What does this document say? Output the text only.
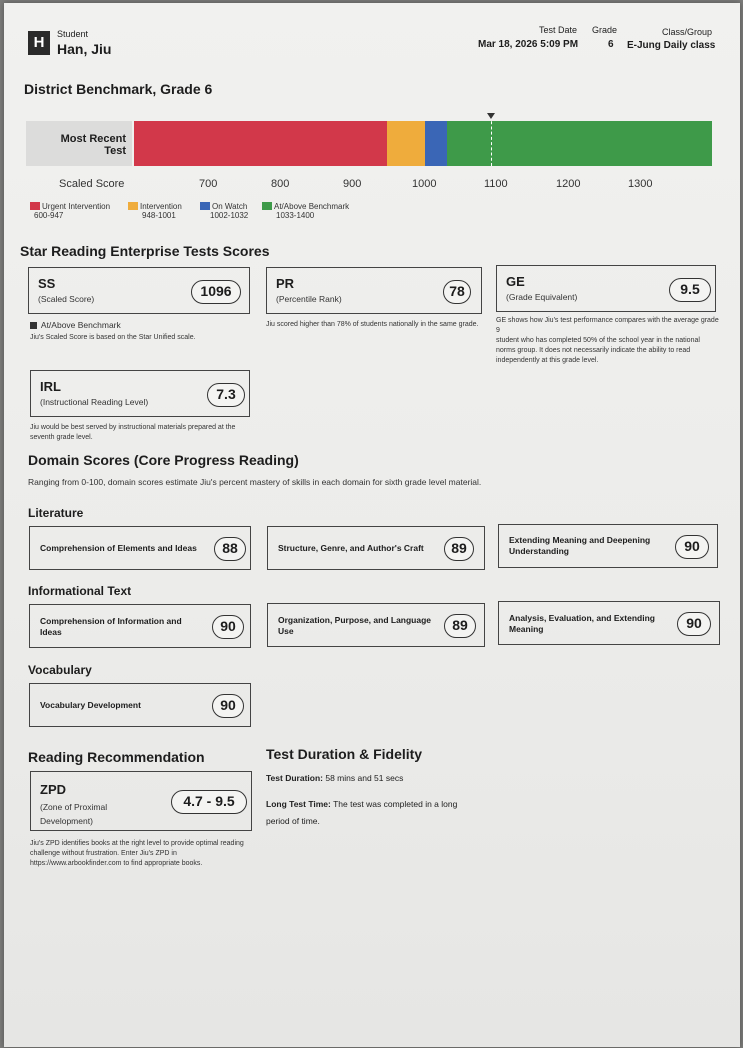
H	Student
Han, Jiu
Test Date
Mar 18, 2026 5:09 PM
Grade
6
Class/Group
E-Jung Daily class
District Benchmark, Grade 6
Most Recent
Test
Scaled Score	700	800	900	1000	1100	1200	1300
Urgent Intervention
600-947
Intervention
948-1001
On Watch
1002-1032
At/Above Benchmark
1033-1400
Star Reading Enterprise Tests Scores
SS
(Scaled Score)	1096	PR
(Percentile Rank)	78
GE
(Grade Equivalent)	9.5
At/Above Benchmark
Jiu's Scaled Score is based on the Star Unified scale.
Jiu scored higher than 78% of students nationally in the same grade.
GE shows how Jiu's test performance compares with the average grade 9
student who has completed 50% of the school year in the national
norms group. It does not necessarily indicate the ability to read
independently at this grade level.
IRL
(Instructional Reading Level)	7.3
Jiu would be best served by instructional materials prepared at the
seventh grade level.
Domain Scores (Core Progress Reading)
Ranging from 0-100, domain scores estimate Jiu's percent mastery of skills in each domain for sixth grade level material.
Literature
Comprehension of Elements and Ideas	88	Structure, Genre, and Author's Craft	89	Extending Meaning and Deepening
Understanding	90
Informational Text
Comprehension of Information and
Ideas	90	Organization, Purpose, and Language
Use	89	Analysis, Evaluation, and Extending
Meaning	90
Vocabulary
Vocabulary Development	90
Reading Recommendation
ZPD
(Zone of Proximal
Development)
4.7 - 9.5
Jiu's ZPD identifies books at the right level to provide optimal reading
challenge without frustration. Enter Jiu's ZPD in
https://www.arbookfinder.com to find appropriate books.
Test Duration & Fidelity
Test Duration: 58 mins and 51 secs
Long Test Time: The test was completed in a long
period of time.
